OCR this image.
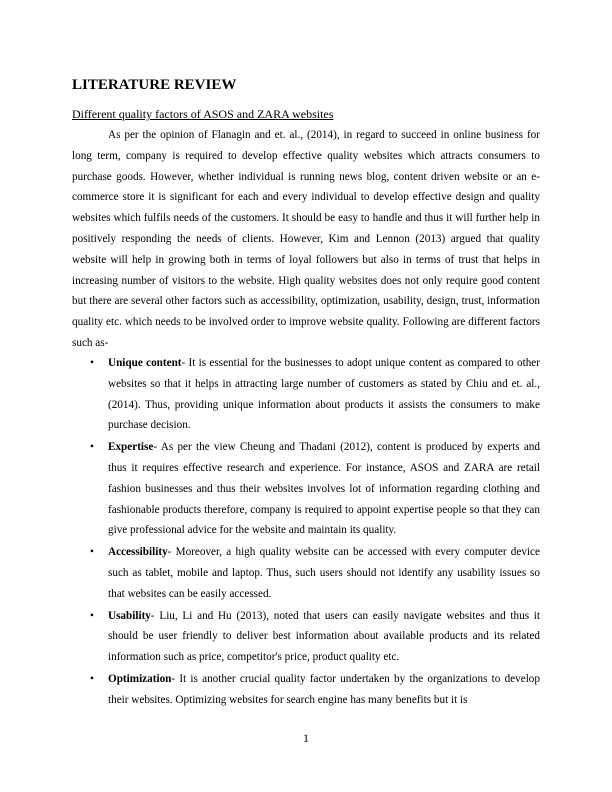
LITERATURE REVIEW

Different quality factors of ASOS and ZARA websites

As per the opinion of Flanagin and et. al., (2014), in regard to succeed in online business for long term, company is required to develop effective quality websites which attracts consumers to purchase goods. However, whether individual is running news blog, content driven website or an e-commerce store it is significant for each and every individual to develop effective design and quality websites which fulfils needs of the customers. It should be easy to handle and thus it will further help in positively responding the needs of clients. However, Kim and Lennon (2013) argued that quality website will help in growing both in terms of loyal followers but also in terms of trust that helps in increasing number of visitors to the website. High quality websites does not only require good content but there are several other factors such as accessibility, optimization, usability, design, trust, information quality etc. which needs to be involved order to improve website quality. Following are different factors such as-

• Unique content- It is essential for the businesses to adopt unique content as compared to other websites so that it helps in attracting large number of customers as stated by Chiu and et. al., (2014). Thus, providing unique information about products it assists the consumers to make purchase decision.
• Expertise- As per the view Cheung and Thadani (2012), content is produced by experts and thus it requires effective research and experience. For instance, ASOS and ZARA are retail fashion businesses and thus their websites involves lot of information regarding clothing and fashionable products therefore, company is required to appoint expertise people so that they can give professional advice for the website and maintain its quality.
• Accessibility- Moreover, a high quality website can be accessed with every computer device such as tablet, mobile and laptop. Thus, such users should not identify any usability issues so that websites can be easily accessed.
• Usability- Liu, Li and Hu (2013), noted that users can easily navigate websites and thus it should be user friendly to deliver best information about available products and its related information such as price, competitor's price, product quality etc.
• Optimization- It is another crucial quality factor undertaken by the organizations to develop their websites. Optimizing websites for search engine has many benefits but it is
1
